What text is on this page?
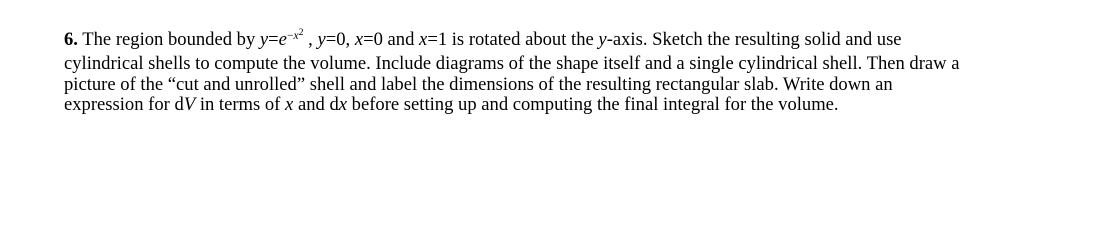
6. The region bounded by $y=e^{-x^2}$ , y=0, x=0 and x=1 is rotated about the y-axis. Sketch the resulting solid and use
cylindrical shells to compute the volume. Include diagrams of the shape itself and a single cylindrical shell. Then draw a
picture of the “cut and unrolled” shell and label the dimensions of the resulting rectangular slab. Write down an
expression for dV in terms of x and dx before setting up and computing the final integral for the volume.
